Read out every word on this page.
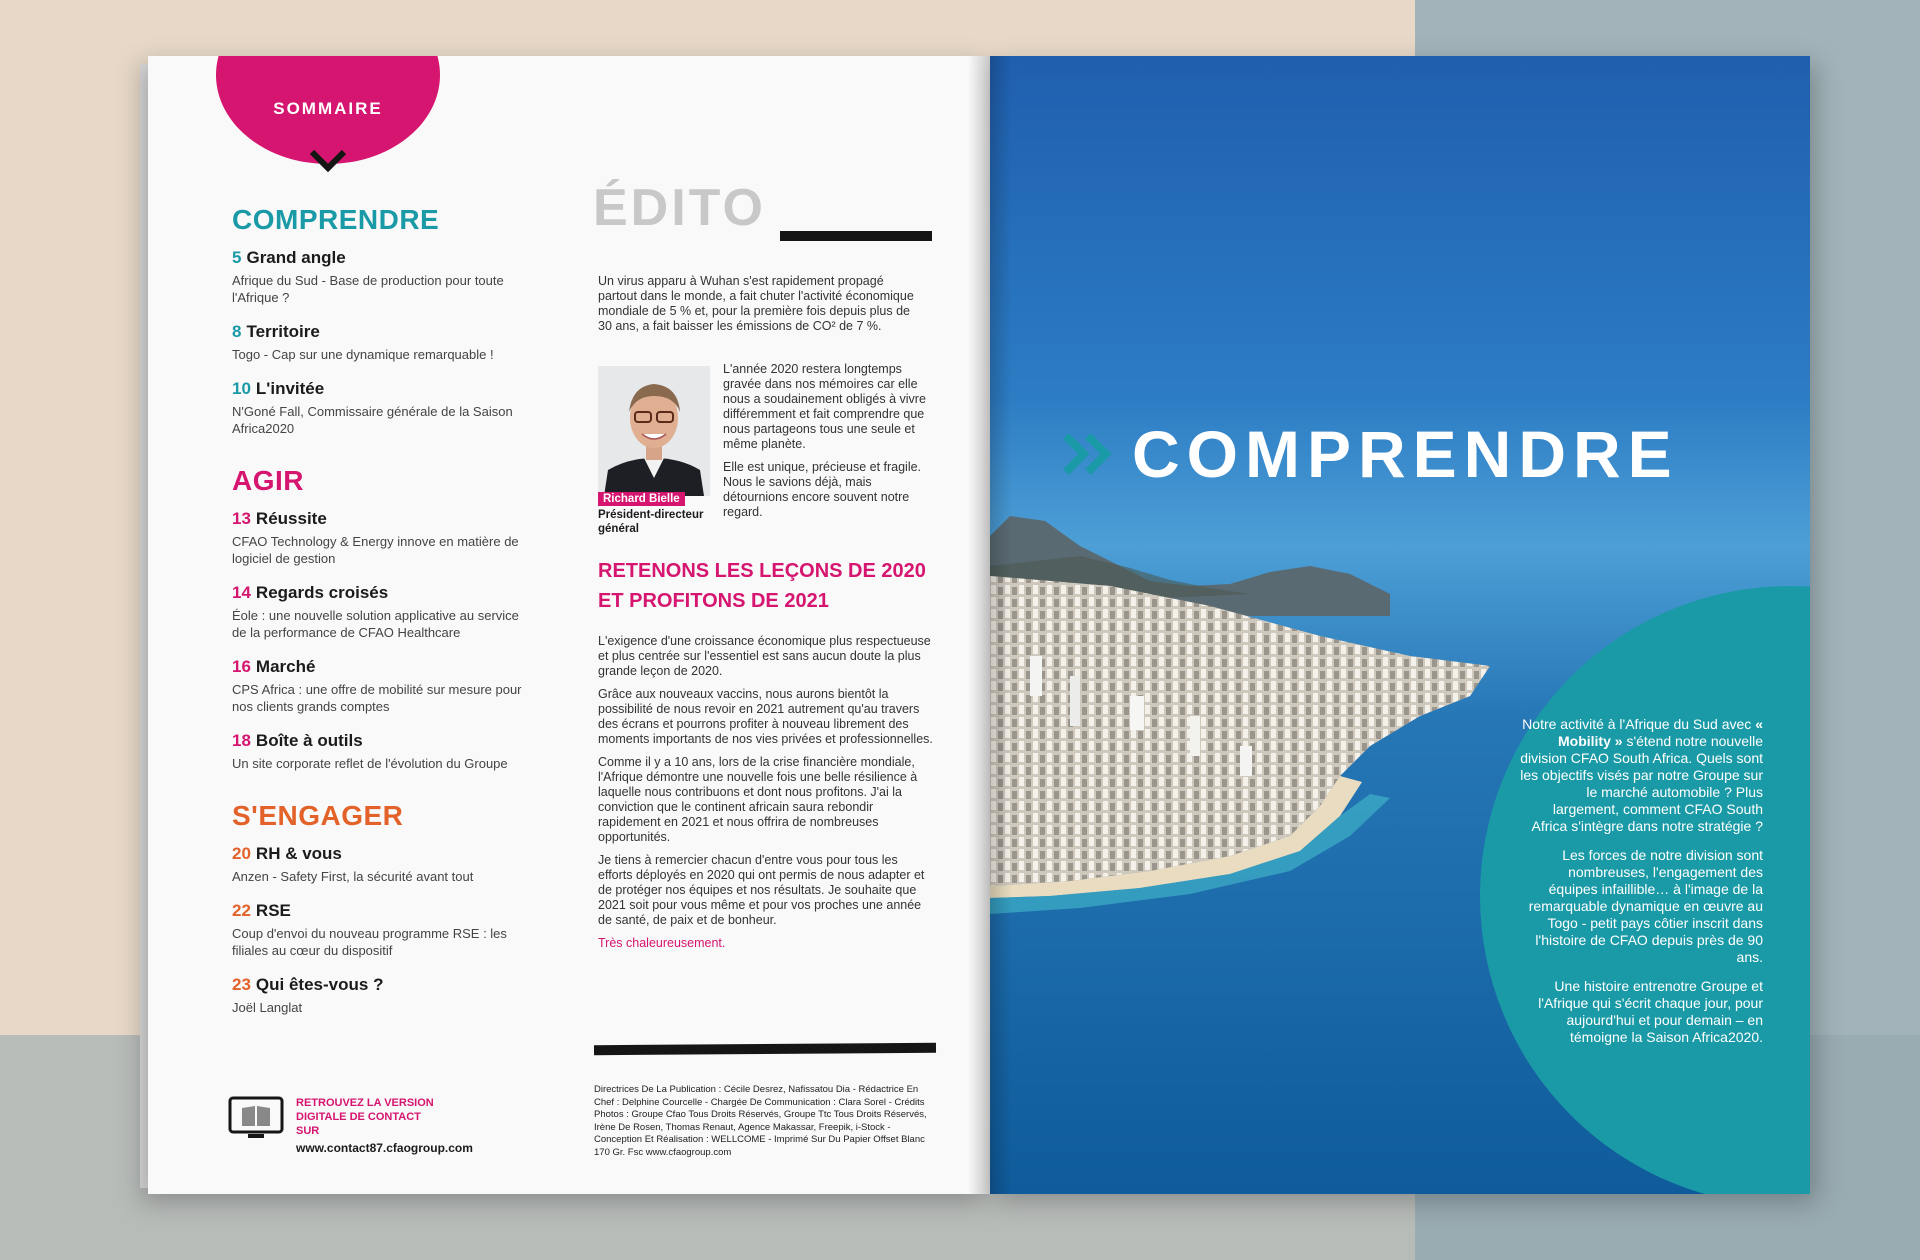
SOMMAIRE
COMPRENDRE
5 Grand angle
Afrique du Sud - Base de production pour toute l'Afrique ?
8 Territoire
Togo - Cap sur une dynamique remarquable !
10 L'invitée
N'Goné Fall, Commissaire générale de la Saison Africa2020
AGIR
13 Réussite
CFAO Technology & Energy innove en matière de logiciel de gestion
14 Regards croisés
Éole : une nouvelle solution applicative au service de la performance de CFAO Healthcare
16 Marché
CPS Africa : une offre de mobilité sur mesure pour nos clients grands comptes
18 Boîte à outils
Un site corporate reflet de l'évolution du Groupe
S'ENGAGER
20 RH & vous
Anzen - Safety First, la sécurité avant tout
22 RSE
Coup d'envoi du nouveau programme RSE : les filiales au cœur du dispositif
23 Qui êtes-vous ?
Joël Langlat
RETROUVEZ LA VERSION DIGITALE DE CONTACT SUR
www.contact87.cfaogroup.com
ÉDITO
Un virus apparu à Wuhan s'est rapidement propagé partout dans le monde, a fait chuter l'activité économique mondiale de 5 % et, pour la première fois depuis plus de 30 ans, a fait baisser les émissions de CO² de 7 %.
Richard Bielle
Président-directeur général

L'année 2020 restera longtemps gravée dans nos mémoires car elle nous a soudainement obligés à vivre différemment et fait comprendre que nous partageons tous une seule et même planète.

Elle est unique, précieuse et fragile. Nous le savions déjà, mais détournions encore souvent notre regard.

RETENONS LES LEÇONS DE 2020 ET PROFITONS DE 2021

L'exigence d'une croissance économique plus respectueuse et plus centrée sur l'essentiel est sans aucun doute la plus grande leçon de 2020.

Grâce aux nouveaux vaccins, nous aurons bientôt la possibilité de nous revoir en 2021 autrement qu'au travers des écrans et pourrons profiter à nouveau librement des moments importants de nos vies privées et professionnelles.

Comme il y a 10 ans, lors de la crise financière mondiale, l'Afrique démontre une nouvelle fois une belle résilience à laquelle nous contribuons et dont nous profitons. J'ai la conviction que le continent africain saura rebondir rapidement en 2021 et nous offrira de nombreuses opportunités.

Je tiens à remercier chacun d'entre vous pour tous les efforts déployés en 2020 qui ont permis de nous adapter et de protéger nos équipes et nos résultats. Je souhaite que 2021 soit pour vous même et pour vos proches une année de santé, de paix et de bonheur.

Très chaleureusement.

Directrices De La Publication : Cécile Desrez, Nafissatou Dia - Rédactrice En Chef : Delphine Courcelle - Chargée De Communication : Clara Sorel - Crédits Photos : Groupe Cfao Tous Droits Réservés, Groupe Ttc Tous Droits Réservés, Irène De Rosen, Thomas Renaut, Agence Makassar, Freepik, i-Stock - Conception Et Réalisation : WELLCOME - Imprimé Sur Du Papier Offset Blanc 170 Gr. Fsc www.cfaogroup.com
COMPRENDRE

Notre activité à l'Afrique du Sud avec « Mobility » s'étend notre nouvelle division CFAO South Africa. Quels sont les objectifs visés par notre Groupe sur le marché automobile ? Plus largement, comment CFAO South Africa s'intègre dans notre stratégie ?

Les forces de notre division sont nombreuses, l'engagement des équipes infaillible… à l'image de la remarquable dynamique en œuvre au Togo - petit pays côtier inscrit dans l'histoire de CFAO depuis près de 90 ans.

Une histoire entrenotre Groupe et l'Afrique qui s'écrit chaque jour, pour aujourd'hui et pour demain – en témoigne la Saison Africa2020.
